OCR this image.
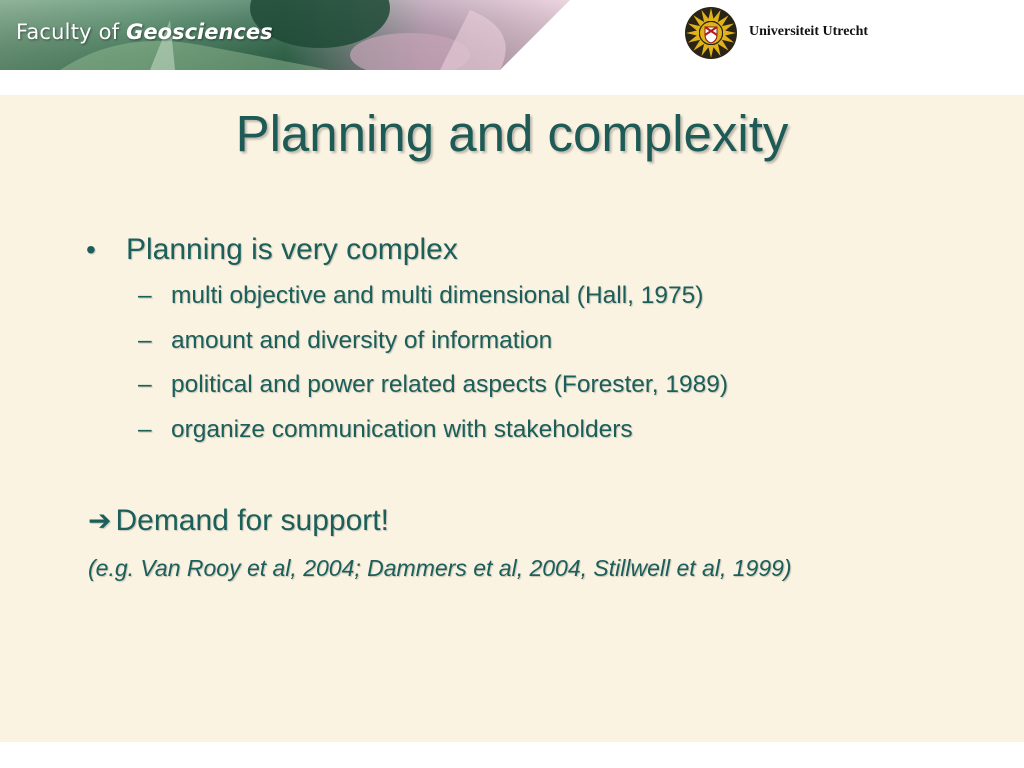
Faculty of Geosciences	Universiteit Utrecht
Planning and complexity
• Planning is very complex
– multi objective and multi dimensional (Hall, 1975)
– amount and diversity of information
– political and power related aspects (Forester, 1989)
– organize communication with stakeholders
➔ Demand for support!
(e.g. Van Rooy et al, 2004; Dammers et al, 2004, Stillwell et al, 1999)
